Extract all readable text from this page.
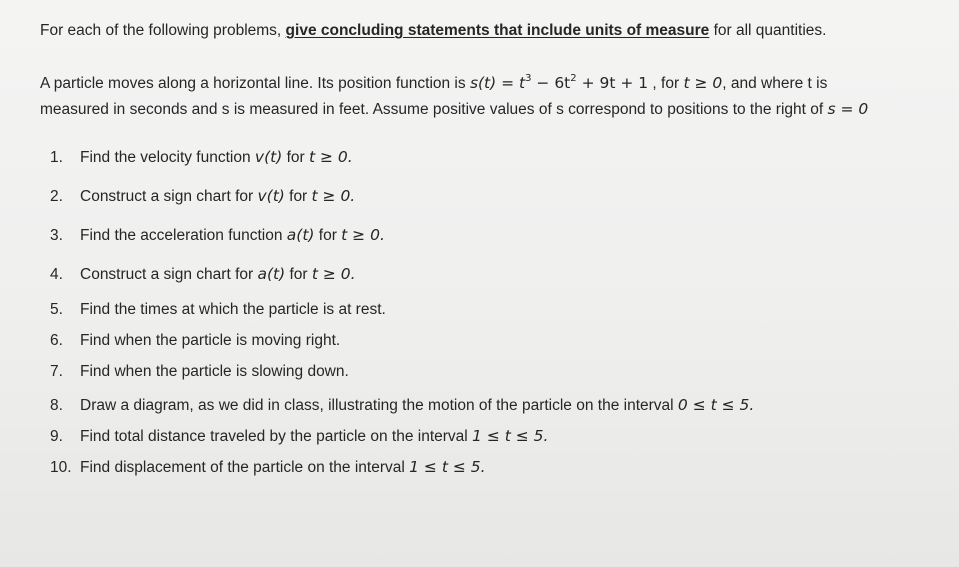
For each of the following problems, give concluding statements that include units of measure for all quantities.
A particle moves along a horizontal line. Its position function is $s(t) = t^3 - 6t^2 + 9t + 1$ , for t ≥ 0, and where t is
measured in seconds and s is measured in feet. Assume positive values of s correspond to positions to the right of s = 0
1. Find the velocity function v(t) for t ≥ 0.
2. Construct a sign chart for v(t) for t ≥ 0.
3. Find the acceleration function a(t) for t ≥ 0.
4. Construct a sign chart for a(t) for t ≥ 0.
5. Find the times at which the particle is at rest.
6. Find when the particle is moving right.
7. Find when the particle is slowing down.
8. Draw a diagram, as we did in class, illustrating the motion of the particle on the interval 0 ≤ t ≤ 5.
9. Find total distance traveled by the particle on the interval 1 ≤ t ≤ 5.
10. Find displacement of the particle on the interval 1 ≤ t ≤ 5.
